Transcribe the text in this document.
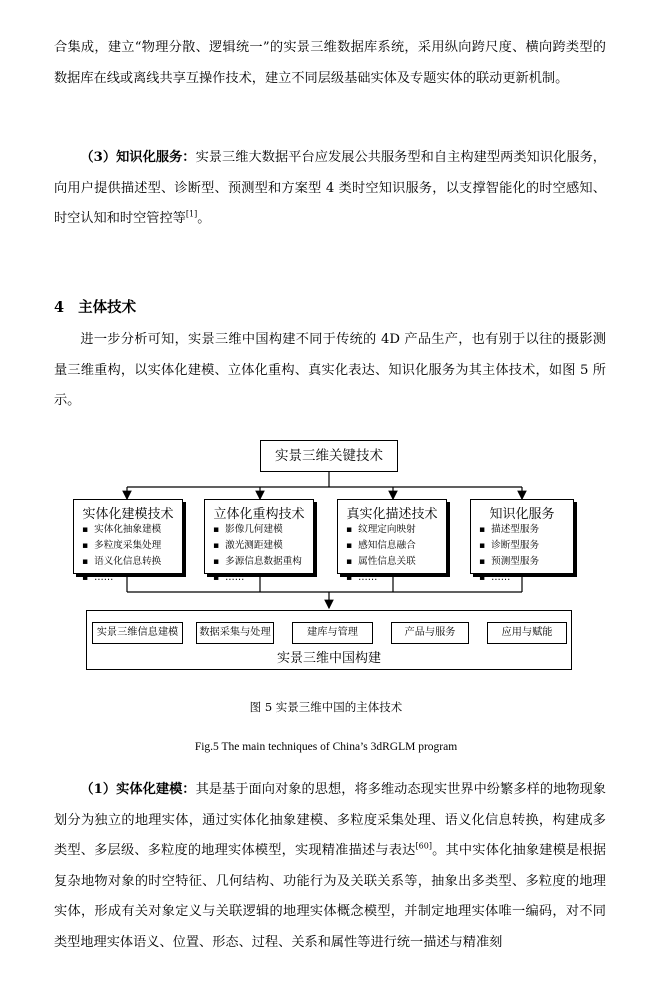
合集成，建立“物理分散、逻辑统一”的实景三维数据库系统，采用纵向跨尺度、横向跨类型的数据库在线或离线共享互操作技术，建立不同层级基础实体及专题实体的联动更新机制。

（3）知识化服务：实景三维大数据平台应发展公共服务型和自主构建型两类知识化服务，向用户提供描述型、诊断型、预测型和方案型 4 类时空知识服务，以支撑智能化的时空感知、时空认知和时空管控等[1]。

4 主体技术

进一步分析可知，实景三维中国构建不同于传统的 4D 产品生产，也有别于以往的摄影测量三维重构，以实体化建模、立体化重构、真实化表达、知识化服务为其主体技术，如图 5 所示。

实景三维关键技术
实体化建模技术
▪ 实体化抽象建模
▪ 多粒度采集处理
▪ 语义化信息转换
▪ ……
立体化重构技术
▪ 影像几何建模
▪ 激光测距建模
▪ 多源信息数据重构
▪ ……
真实化描述技术
▪ 纹理定向映射
▪ 感知信息融合
▪ 属性信息关联
▪ ……
知识化服务
▪ 描述型服务
▪ 诊断型服务
▪ 预测型服务
▪ ……
实景三维中国构建
实景三维信息建模	数据采集与处理	建库与管理	产品与服务	应用与赋能
图 5 实景三维中国的主体技术
Fig.5 The main techniques of China’s 3dRGLM program

（1）实体化建模：其是基于面向对象的思想，将多维动态现实世界中纷繁多样的地物现象划分为独立的地理实体，通过实体化抽象建模、多粒度采集处理、语义化信息转换，构建成多类型、多层级、多粒度的地理实体模型，实现精准描述与表达[60]。其中实体化抽象建模是根据复杂地物对象的时空特征、几何结构、功能行为及关联关系等，抽象出多类型、多粒度的地理实体，形成有关对象定义与关联逻辑的地理实体概念模型，并制定地理实体唯一编码，对不同类型地理实体语义、位置、形态、过程、关系和属性等进行统一描述与精准刻
